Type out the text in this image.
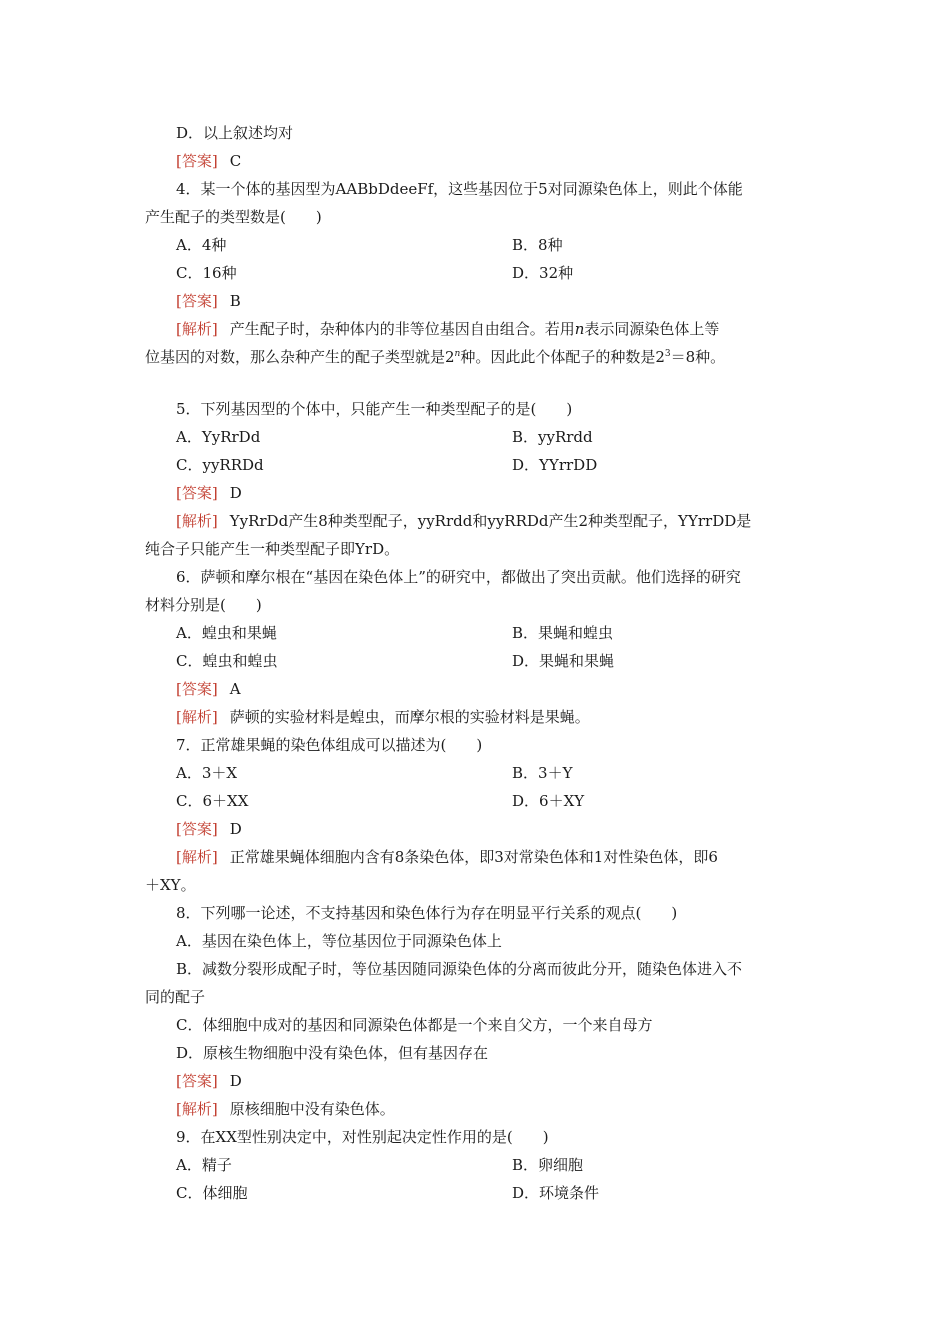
D．以上叙述均对
[答案] C
4．某一个体的基因型为AABbDdeeFf，这些基因位于5对同源染色体上，则此个体能
产生配子的类型数是(　　)
A．4种	B．8种
C．16种	D．32种
[答案] B
[解析] 产生配子时，杂种体内的非等位基因自由组合。若用n表示同源染色体上等
位基因的对数，那么杂种产生的配子类型就是2$^n$种。因此此个体配子的种数是$2^3=8$种。
5．下列基因型的个体中，只能产生一种类型配子的是(　　)
A．YyRrDd	B．yyRrdd
C．yyRRDd	D．YYrrDD
[答案] D
[解析] YyRrDd产生8种类型配子，yyRrdd和yyRRDd产生2种类型配子，YYrrDD是
纯合子只能产生一种类型配子即YrD。
6．萨顿和摩尔根在“基因在染色体上”的研究中，都做出了突出贡献。他们选择的研究
材料分别是(　　)
A．蝗虫和果蝇	B．果蝇和蝗虫
C．蝗虫和蝗虫	D．果蝇和果蝇
[答案] A
[解析] 萨顿的实验材料是蝗虫，而摩尔根的实验材料是果蝇。
7．正常雄果蝇的染色体组成可以描述为(　　)
A．3＋X	B．3＋Y
C．6＋XX	D．6＋XY
[答案] D
[解析] 正常雄果蝇体细胞内含有8条染色体，即3对常染色体和1对性染色体，即6
＋XY。
8．下列哪一论述，不支持基因和染色体行为存在明显平行关系的观点(　　)
A．基因在染色体上，等位基因位于同源染色体上
B．减数分裂形成配子时，等位基因随同源染色体的分离而彼此分开，随染色体进入不
同的配子
C．体细胞中成对的基因和同源染色体都是一个来自父方，一个来自母方
D．原核生物细胞中没有染色体，但有基因存在
[答案] D
[解析] 原核细胞中没有染色体。
9．在XX型性别决定中，对性别起决定性作用的是(　　)
A．精子	B．卵细胞
C．体细胞	D．环境条件
